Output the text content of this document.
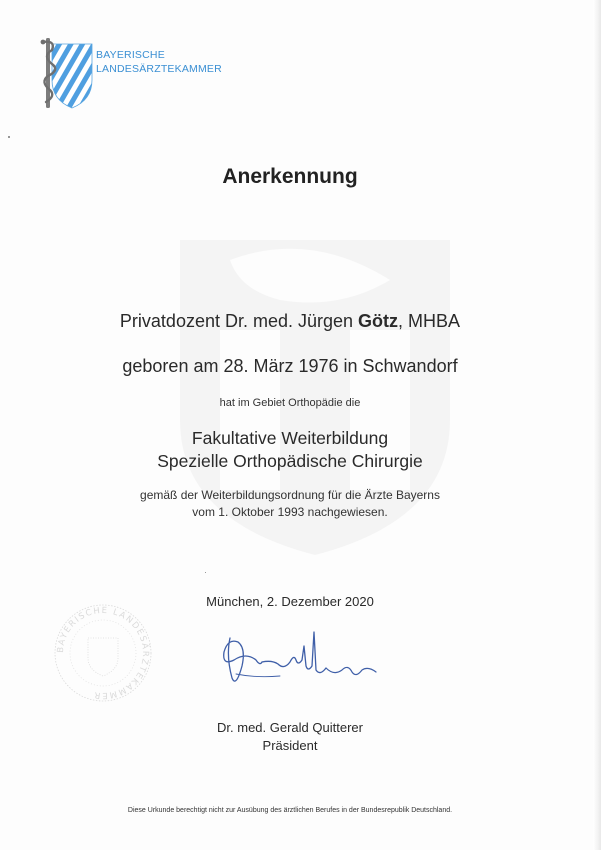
BAYERISCHE
LANDESÄRZTEKAMMER
Anerkennung
Privatdozent Dr. med. Jürgen Götz, MHBA
geboren am 28. März 1976 in Schwandorf
hat im Gebiet Orthopädie die
Fakultative Weiterbildung
Spezielle Orthopädische Chirurgie
gemäß der Weiterbildungsordnung für die Ärzte Bayerns
vom 1. Oktober 1993 nachgewiesen.
München, 2. Dezember 2020
BAYERISCHE LANDESÄRZTEKAMMER
Dr. med. Gerald Quitterer
Präsident
Diese Urkunde berechtigt nicht zur Ausübung des ärztlichen Berufes in der Bundesrepublik Deutschland.
